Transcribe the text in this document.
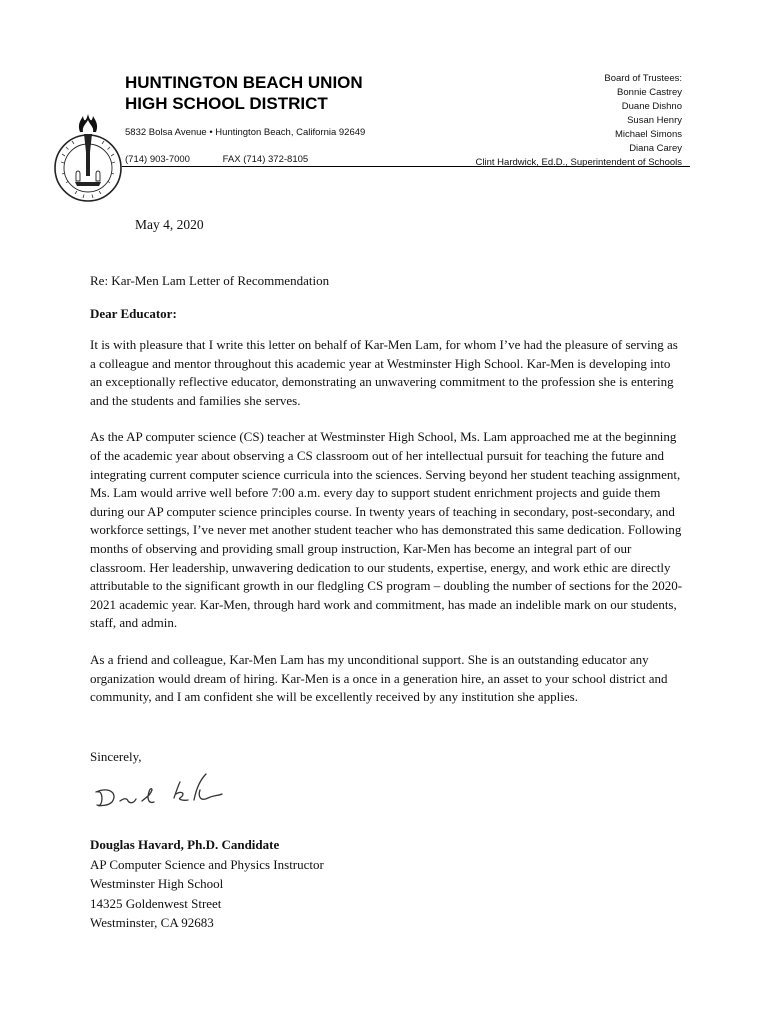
HUNTINGTON BEACH UNION
HIGH SCHOOL DISTRICT
5832 Bolsa Avenue • Huntington Beach, California 92649
(714) 903-7000	FAX (714) 372-8105
Board of Trustees:
Bonnie Castrey
Duane Dishno
Susan Henry
Michael Simons
Diana Carey
Clint Hardwick, Ed.D., Superintendent of Schools
May 4, 2020
Re: Kar-Men Lam Letter of Recommendation
Dear Educator:

It is with pleasure that I write this letter on behalf of Kar-Men Lam, for whom I’ve had the pleasure of serving as a colleague and mentor throughout this academic year at Westminster High School. Kar-Men is developing into an exceptionally reflective educator, demonstrating an unwavering commitment to the profession she is entering and the students and families she serves.

As the AP computer science (CS) teacher at Westminster High School, Ms. Lam approached me at the beginning of the academic year about observing a CS classroom out of her intellectual pursuit for teaching the future and integrating current computer science curricula into the sciences. Serving beyond her student teaching assignment, Ms. Lam would arrive well before 7:00 a.m. every day to support student enrichment projects and guide them during our AP computer science principles course. In twenty years of teaching in secondary, post-secondary, and workforce settings, I’ve never met another student teacher who has demonstrated this same dedication. Following months of observing and providing small group instruction, Kar-Men has become an integral part of our classroom. Her leadership, unwavering dedication to our students, expertise, energy, and work ethic are directly attributable to the significant growth in our fledgling CS program – doubling the number of sections for the 2020-2021 academic year. Kar-Men, through hard work and commitment, has made an indelible mark on our students, staff, and admin.

As a friend and colleague, Kar-Men Lam has my unconditional support. She is an outstanding educator any organization would dream of hiring. Kar-Men is a once in a generation hire, an asset to your school district and community, and I am confident she will be excellently received by any institution she applies.

Sincerely,
Douglas Havard, Ph.D. Candidate
AP Computer Science and Physics Instructor
Westminster High School
14325 Goldenwest Street
Westminster, CA 92683
